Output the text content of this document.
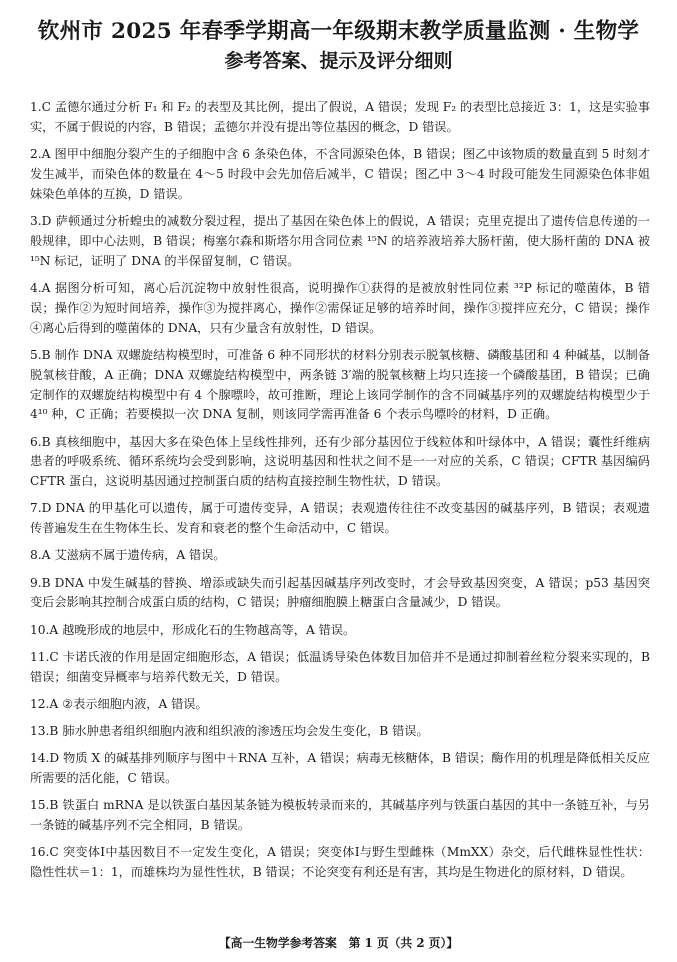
钦州市 2025 年春季学期高一年级期末教学质量监测 · 生物学
参考答案、提示及评分细则
1.C 孟德尔通过分析 F₁ 和 F₂ 的表型及其比例，提出了假说，A 错误；发现 F₂ 的表型比总接近 3：1，这是实验事实，不属于假说的内容，B 错误；孟德尔并没有提出等位基因的概念，D 错误。
2.A 图甲中细胞分裂产生的子细胞中含 6 条染色体，不含同源染色体，B 错误；图乙中该物质的数量直到 5 时刻才发生减半，而染色体的数量在 4～5 时段中会先加倍后减半，C 错误；图乙中 3～4 时段可能发生同源染色体非姐妹染色单体的互换，D 错误。
3.D 萨顿通过分析蝗虫的减数分裂过程，提出了基因在染色体上的假说，A 错误；克里克提出了遗传信息传递的一般规律，即中心法则，B 错误；梅塞尔森和斯塔尔用含同位素 ¹⁵N 的培养液培养大肠杆菌，使大肠杆菌的 DNA 被 ¹⁵N 标记，证明了 DNA 的半保留复制，C 错误。
4.A 据图分析可知，离心后沉淀物中放射性很高，说明操作①获得的是被放射性同位素 ³²P 标记的噬菌体，B 错误；操作②为短时间培养，操作③为搅拌离心，操作②需保证足够的培养时间，操作③搅拌应充分，C 错误；操作④离心后得到的噬菌体的 DNA，只有少量含有放射性，D 错误。
5.B 制作 DNA 双螺旋结构模型时，可准备 6 种不同形状的材料分别表示脱氧核糖、磷酸基团和 4 种碱基，以制备脱氧核苷酸，A 正确；DNA 双螺旋结构模型中，两条链 3′端的脱氧核糖上均只连接一个磷酸基团，B 错误；已确定制作的双螺旋结构模型中有 4 个腺嘌呤，故可推断，理论上该同学制作的含不同碱基序列的双螺旋结构模型少于 4¹⁰ 种，C 正确；若要模拟一次 DNA 复制，则该同学需再准备 6 个表示鸟嘌呤的材料，D 正确。
6.B 真核细胞中，基因大多在染色体上呈线性排列，还有少部分基因位于线粒体和叶绿体中，A 错误；囊性纤维病患者的呼吸系统、循环系统均会受到影响，这说明基因和性状之间不是一一对应的关系，C 错误；CFTR 基因编码 CFTR 蛋白，这说明基因通过控制蛋白质的结构直接控制生物性状，D 错误。
7.D DNA 的甲基化可以遗传，属于可遗传变异，A 错误；表观遗传往往不改变基因的碱基序列，B 错误；表观遗传普遍发生在生物体生长、发育和衰老的整个生命活动中，C 错误。
8.A 艾滋病不属于遗传病，A 错误。
9.B DNA 中发生碱基的替换、增添或缺失而引起基因碱基序列改变时，才会导致基因突变，A 错误；p53 基因突变后会影响其控制合成蛋白质的结构，C 错误；肿瘤细胞膜上糖蛋白含量减少，D 错误。
10.A 越晚形成的地层中，形成化石的生物越高等，A 错误。
11.C 卡诺氏液的作用是固定细胞形态，A 错误；低温诱导染色体数目加倍并不是通过抑制着丝粒分裂来实现的，B 错误；细菌变异概率与培养代数无关，D 错误。
12.A ②表示细胞内液，A 错误。
13.B 肺水肿患者组织细胞内液和组织液的渗透压均会发生变化，B 错误。
14.D 物质 X 的碱基排列顺序与图中＋RNA 互补，A 错误；病毒无核糖体，B 错误；酶作用的机理是降低相关反应所需要的活化能，C 错误。
15.B 铁蛋白 mRNA 是以铁蛋白基因某条链为模板转录而来的，其碱基序列与铁蛋白基因的其中一条链互补，与另一条链的碱基序列不完全相同，B 错误。
16.C 突变体Ⅰ中基因数目不一定发生变化，A 错误；突变体Ⅰ与野生型雌株（MmXX）杂交，后代雌株显性性状：隐性性状＝1：1，而雄株均为显性性状，B 错误；不论突变有利还是有害，其均是生物进化的原材料，D 错误。
【高一生物学参考答案　第 1 页（共 2 页）】
